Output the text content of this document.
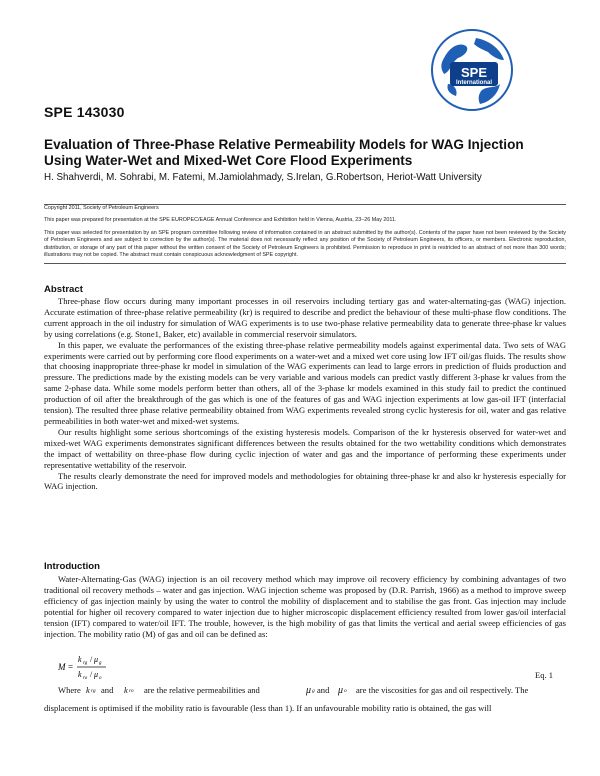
SPE
International
SPE 143030
Evaluation of Three-Phase Relative Permeability Models for WAG Injection
Using Water-Wet and Mixed-Wet Core Flood Experiments
H. Shahverdi, M. Sohrabi, M. Fatemi, M.Jamiolahmady, S.Irelan, G.Robertson, Heriot-Watt University
Copyright 2011, Society of Petroleum Engineers
This paper was prepared for presentation at the SPE EUROPEC/EAGE Annual Conference and Exhibition held in Vienna, Austria, 23–26 May 2011.
This paper was selected for presentation by an SPE program committee following review of information contained in an abstract submitted by the author(s). Contents of the paper have not been reviewed by the Society of Petroleum Engineers and are subject to correction by the author(s). The material does not necessarily reflect any position of the Society of Petroleum Engineers, its officers, or members. Electronic reproduction, distribution, or storage of any part of this paper without the written consent of the Society of Petroleum Engineers is prohibited. Permission to reproduce in print is restricted to an abstract of not more than 300 words; illustrations may not be copied. The abstract must contain conspicuous acknowledgment of SPE copyright.
Abstract

Three-phase flow occurs during many important processes in oil reservoirs including tertiary gas and water-alternating-gas (WAG) injection. Accurate estimation of three-phase relative permeability (kr) is required to describe and predict the behaviour of these multi-phase flow conditions. The current approach in the oil industry for simulation of WAG experiments is to use two-phase relative permeability data to generate three-phase kr values by using correlations (e.g. Stone1, Baker, etc) available in commercial reservoir simulators.

In this paper, we evaluate the performances of the existing three-phase relative permeability models against experimental data. Two sets of WAG experiments were carried out by performing core flood experiments on a water-wet and a mixed wet core using low IFT oil/gas fluids. The results show that choosing inappropriate three-phase kr model in simulation of the WAG experiments can lead to large errors in prediction of fluids production and pressure. The predictions made by the existing models can be very variable and various models can predict vastly different 3-phase kr values from the same 2-phase data. While some models perform better than others, all of the 3-phase kr models examined in this study fail to predict the continued production of oil after the breakthrough of the gas which is one of the features of gas and WAG injection experiments at low gas-oil IFT (interfacial tension). The resulted three phase relative permeability obtained from WAG experiments revealed strong cyclic hysteresis for oil, water and gas relative permeabilities in both water-wet and mixed-wet systems.

Our results highlight some serious shortcomings of the existing hysteresis models. Comparison of the kr hysteresis observed for water-wet and mixed-wet WAG experiments demonstrates significant differences between the results obtained for the two wettability conditions which demonstrates the impact of wettability on three-phase flow during cyclic injection of water and gas and the importance of performing these experiments under representative wettability of the reservoir.

The results clearly demonstrate the need for improved models and methodologies for obtaining three-phase kr and also kr hysteresis especially for WAG injection.

Introduction

Water-Alternating-Gas (WAG) injection is an oil recovery method which may improve oil recovery efficiency by combining advantages of two traditional oil recovery methods – water and gas injection. WAG injection scheme was proposed by (D.R. Parrish, 1966) as a method to improve sweep efficiency of gas injection mainly by using the water to control the mobility of displacement and to stabilise the gas front. Gas injection may include potential for higher oil recovery compared to water injection due to higher microscopic displacement efficiency resulted from lower gas/oil interfacial tension (IFT) compared to water/oil IFT. The trouble, however, is the high mobility of gas that limits the vertical and aerial sweep efficiencies of gas injection. The mobility ratio (M) of gas and oil can be defined as:

M =
k rg / μ g
k ro / μ o	Eq. 1
Where k rg and k ro are the relative permeabilities and	μ g and μ o are the viscosities for gas and oil respectively. The
displacement is optimised if the mobility ratio is favourable (less than 1). If an unfavourable mobility ratio is obtained, the gas will
